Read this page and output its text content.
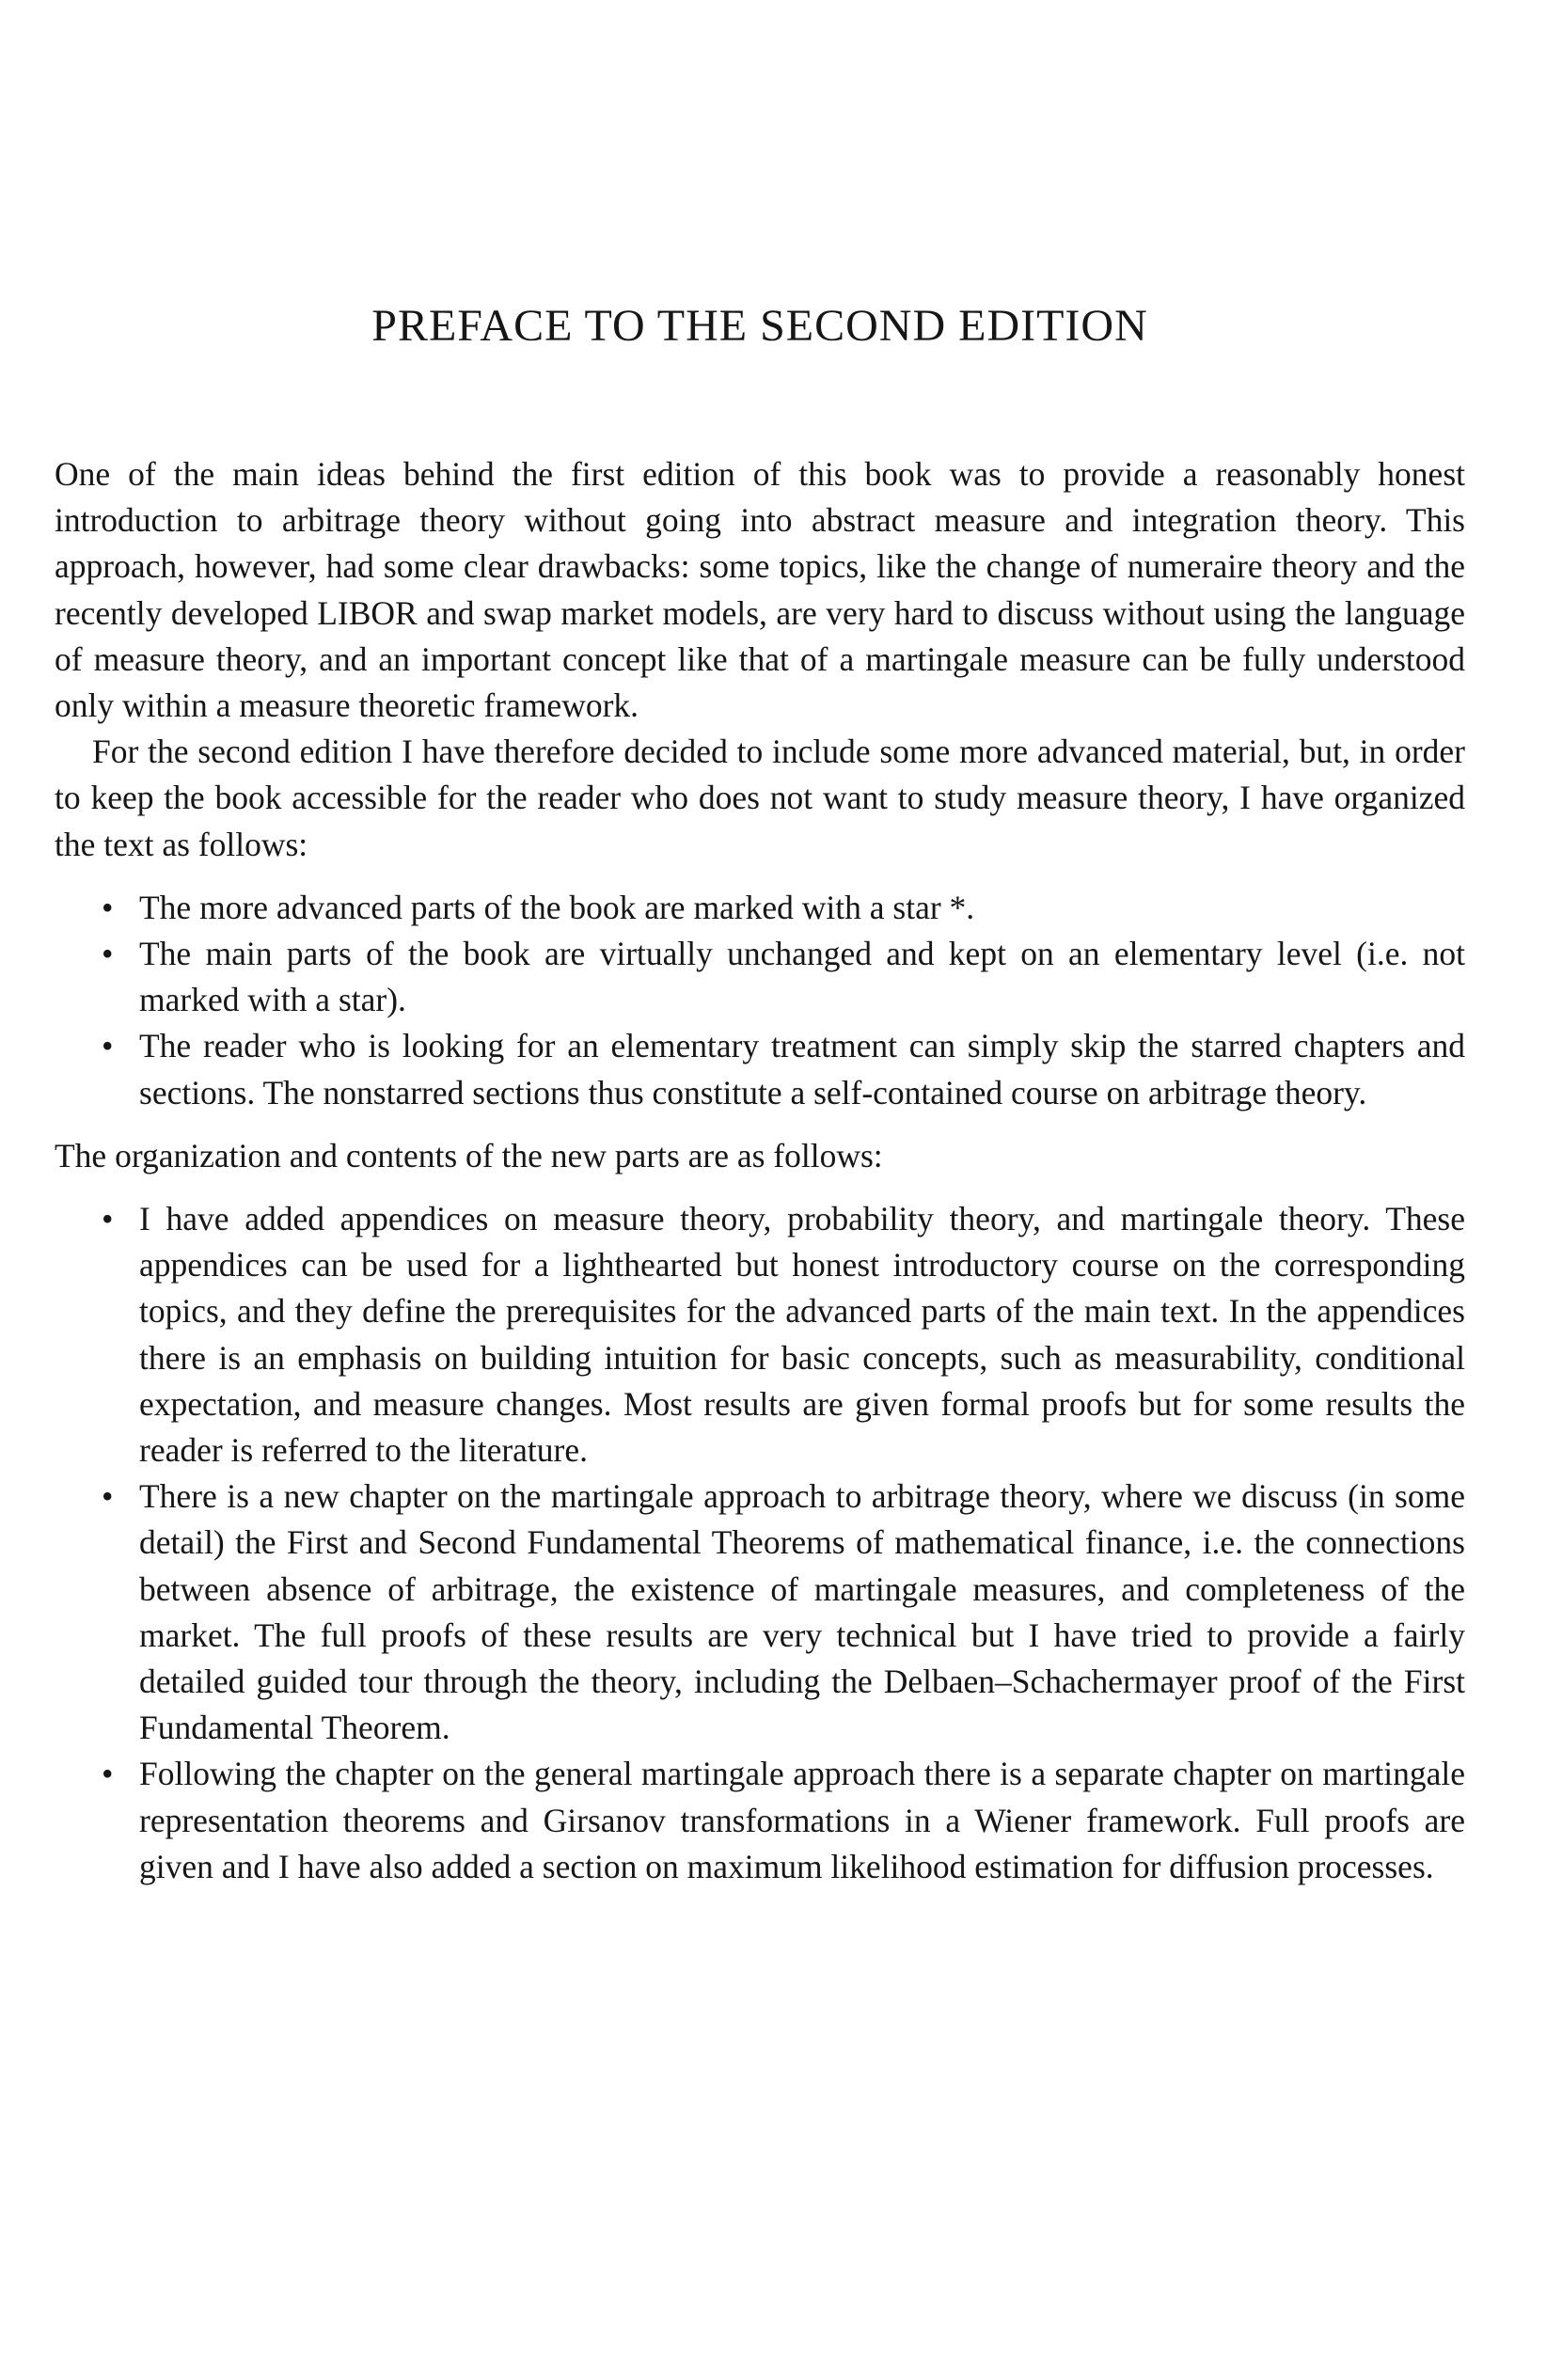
PREFACE TO THE SECOND EDITION

One of the main ideas behind the first edition of this book was to provide a reasonably honest introduction to arbitrage theory without going into abstract measure and integration theory. This approach, however, had some clear drawbacks: some topics, like the change of numeraire theory and the recently developed LIBOR and swap market models, are very hard to discuss without using the language of measure theory, and an important concept like that of a martingale measure can be fully understood only within a measure theoretic framework.

For the second edition I have therefore decided to include some more advanced material, but, in order to keep the book accessible for the reader who does not want to study measure theory, I have organized the text as follows:

• The more advanced parts of the book are marked with a star *.
• The main parts of the book are virtually unchanged and kept on an elementary level (i.e. not marked with a star).
• The reader who is looking for an elementary treatment can simply skip the starred chapters and sections. The nonstarred sections thus constitute a self-contained course on arbitrage theory.

The organization and contents of the new parts are as follows:

• I have added appendices on measure theory, probability theory, and martingale theory. These appendices can be used for a lighthearted but honest introductory course on the corresponding topics, and they define the prerequisites for the advanced parts of the main text. In the appendices there is an emphasis on building intuition for basic concepts, such as measurability, conditional expectation, and measure changes. Most results are given formal proofs but for some results the reader is referred to the literature.
• There is a new chapter on the martingale approach to arbitrage theory, where we discuss (in some detail) the First and Second Fundamental Theorems of mathematical finance, i.e. the connections between absence of arbitrage, the existence of martingale measures, and completeness of the market. The full proofs of these results are very technical but I have tried to provide a fairly detailed guided tour through the theory, including the Delbaen–Schachermayer proof of the First Fundamental Theorem.
• Following the chapter on the general martingale approach there is a separate chapter on martingale representation theorems and Girsanov transformations in a Wiener framework. Full proofs are given and I have also added a section on maximum likelihood estimation for diffusion processes.
